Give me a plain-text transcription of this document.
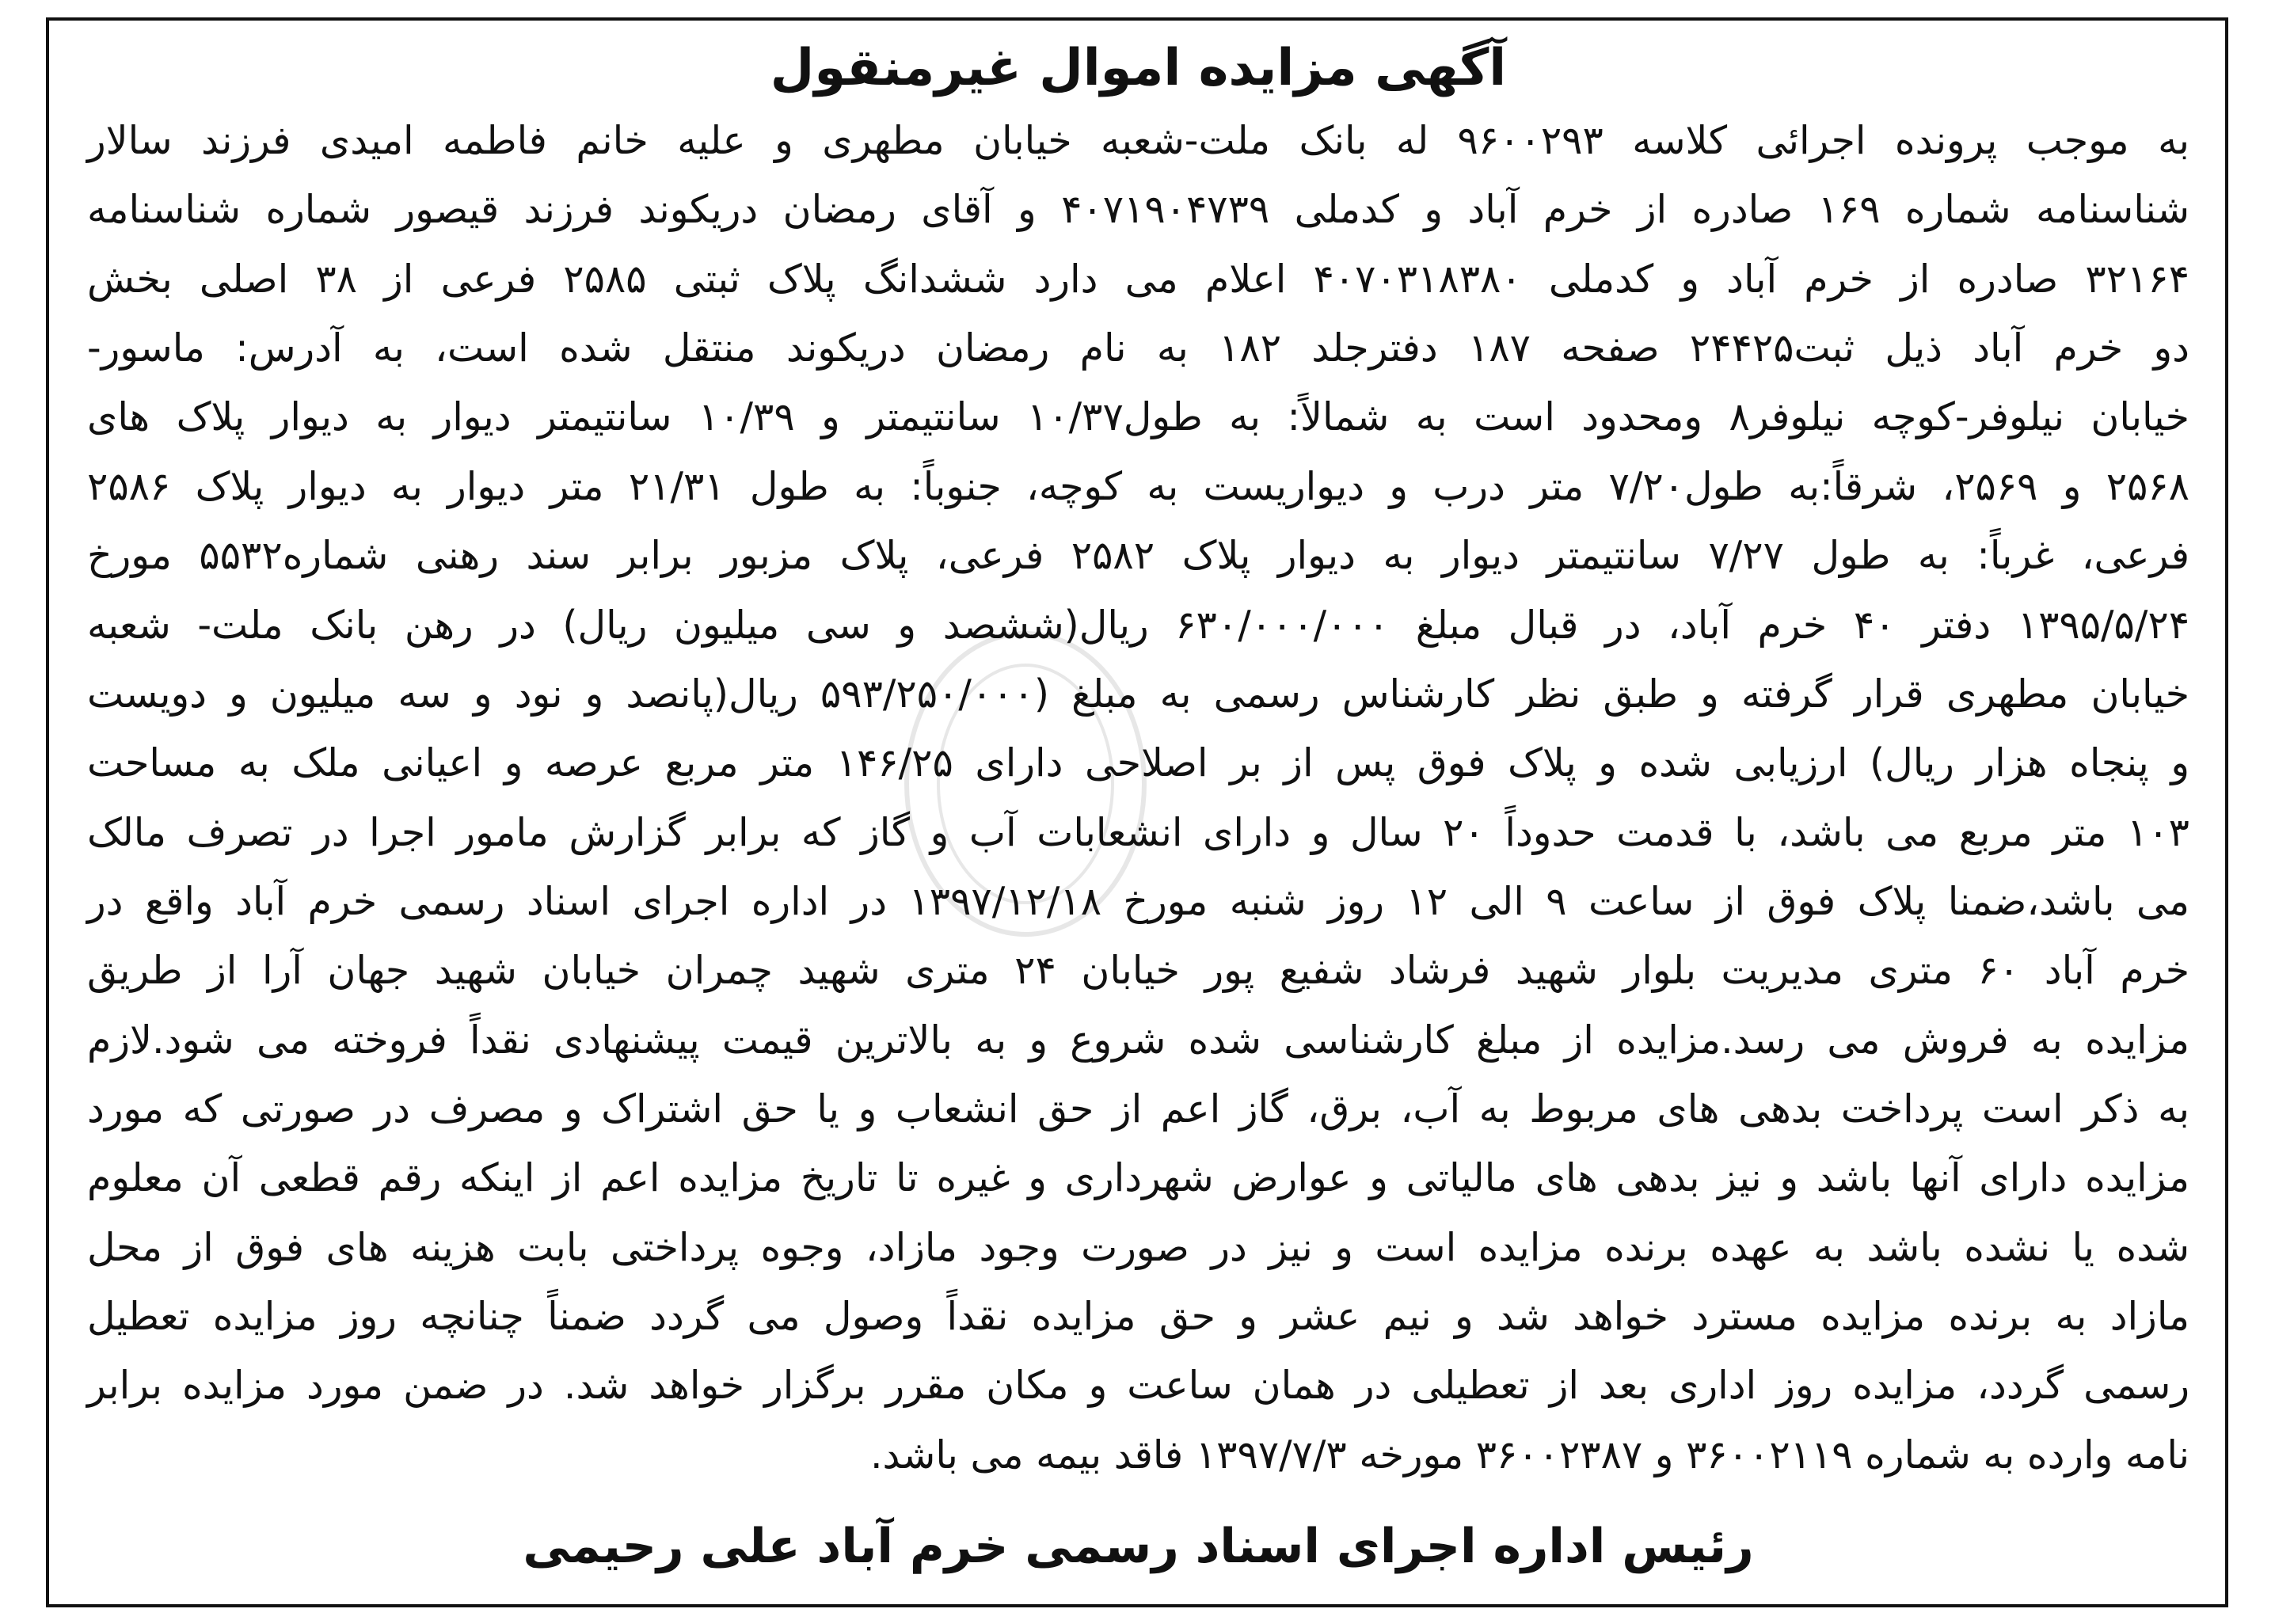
آگهی مزایده اموال غیرمنقول
به موجب پرونده اجرائی کلاسه ۹۶۰۰۲۹۳ له بانک ملت-شعبه خیابان مطهری و علیه خانم فاطمه امیدی فرزند سالار
شناسنامه شماره ۱۶۹ صادره از خرم آباد و کدملی ۴۰۷۱۹۰۴۷۳۹ و آقای رمضان دریکوند فرزند قیصور شماره شناسنامه
۳۲۱۶۴ صادره از خرم آباد و کدملی ۴۰۷۰۳۱۸۳۸۰ اعلام می دارد ششدانگ پلاک ثبتی ۲۵۸۵ فرعی از ۳۸ اصلی بخش
دو خرم آباد ذیل ثبت۲۴۴۲۵ صفحه ۱۸۷ دفترجلد ۱۸۲ به نام رمضان دریکوند منتقل شده است، به آدرس: ماسور-
خیابان نیلوفر-کوچه نیلوفر۸ ومحدود است به شمالاً: به طول۱۰/۳۷ سانتیمتر و ۱۰/۳۹ سانتیمتر دیوار به دیوار پلاک های
۲۵۶۸ و ۲۵۶۹، شرقاً:به طول۷/۲۰ متر درب و دیواریست به کوچه، جنوباً: به طول ۲۱/۳۱ متر دیوار به دیوار پلاک ۲۵۸۶
فرعی، غرباً: به طول ۷/۲۷ سانتیمتر دیوار به دیوار پلاک ۲۵۸۲ فرعی، پلاک مزبور برابر سند رهنی شماره۵۵۳۲ مورخ
۱۳۹۵/۵/۲۴ دفتر ۴۰ خرم آباد، در قبال مبلغ ۶۳۰/۰۰۰/۰۰۰ ریال(ششصد و سی میلیون ریال) در رهن بانک ملت- شعبه
خیابان مطهری قرار گرفته و طبق نظر کارشناس رسمی به مبلغ (۵۹۳/۲۵۰/۰۰۰ ریال(پانصد و نود و سه میلیون و دویست
و پنجاه هزار ریال) ارزیابی شده و پلاک فوق پس از بر اصلاحی دارای ۱۴۶/۲۵ متر مربع عرصه و اعیانی ملک به مساحت
۱۰۳ متر مربع می باشد، با قدمت حدوداً ۲۰ سال و دارای انشعابات آب و گاز که برابر گزارش مامور اجرا در تصرف مالک
می باشد،ضمنا پلاک فوق از ساعت ۹ الی ۱۲ روز شنبه مورخ ۱۳۹۷/۱۲/۱۸ در اداره اجرای اسناد رسمی خرم آباد واقع در
خرم آباد ۶۰ متری مدیریت بلوار شهید فرشاد شفیع پور خیابان ۲۴ متری شهید چمران خیابان شهید جهان آرا از طریق
مزایده به فروش می رسد.مزایده از مبلغ کارشناسی شده شروع و به بالاترین قیمت پیشنهادی نقداً فروخته می شود.لازم
به ذکر است پرداخت بدهی های مربوط به آب، برق، گاز اعم از حق انشعاب و یا حق اشتراک و مصرف در صورتی که مورد
مزایده دارای آنها باشد و نیز بدهی های مالیاتی و عوارض شهرداری و غیره تا تاریخ مزایده اعم از اینکه رقم قطعی آن معلوم
شده یا نشده باشد به عهده برنده مزایده است و نیز در صورت وجود مازاد، وجوه پرداختی بابت هزینه های فوق از محل
مازاد به برنده مزایده مسترد خواهد شد و نیم عشر و حق مزایده نقداً وصول می گردد ضمناً چنانچه روز مزایده تعطیل
رسمی گردد، مزایده روز اداری بعد از تعطیلی در همان ساعت و مکان مقرر برگزار خواهد شد. در ضمن مورد مزایده برابر
نامه وارده به شماره ۳۶۰۰۲۱۱۹ و ۳۶۰۰۲۳۸۷ مورخه ۱۳۹۷/۷/۳ فاقد بیمه می باشد.
رئیس اداره اجرای اسناد رسمی خرم آباد علی رحیمی
